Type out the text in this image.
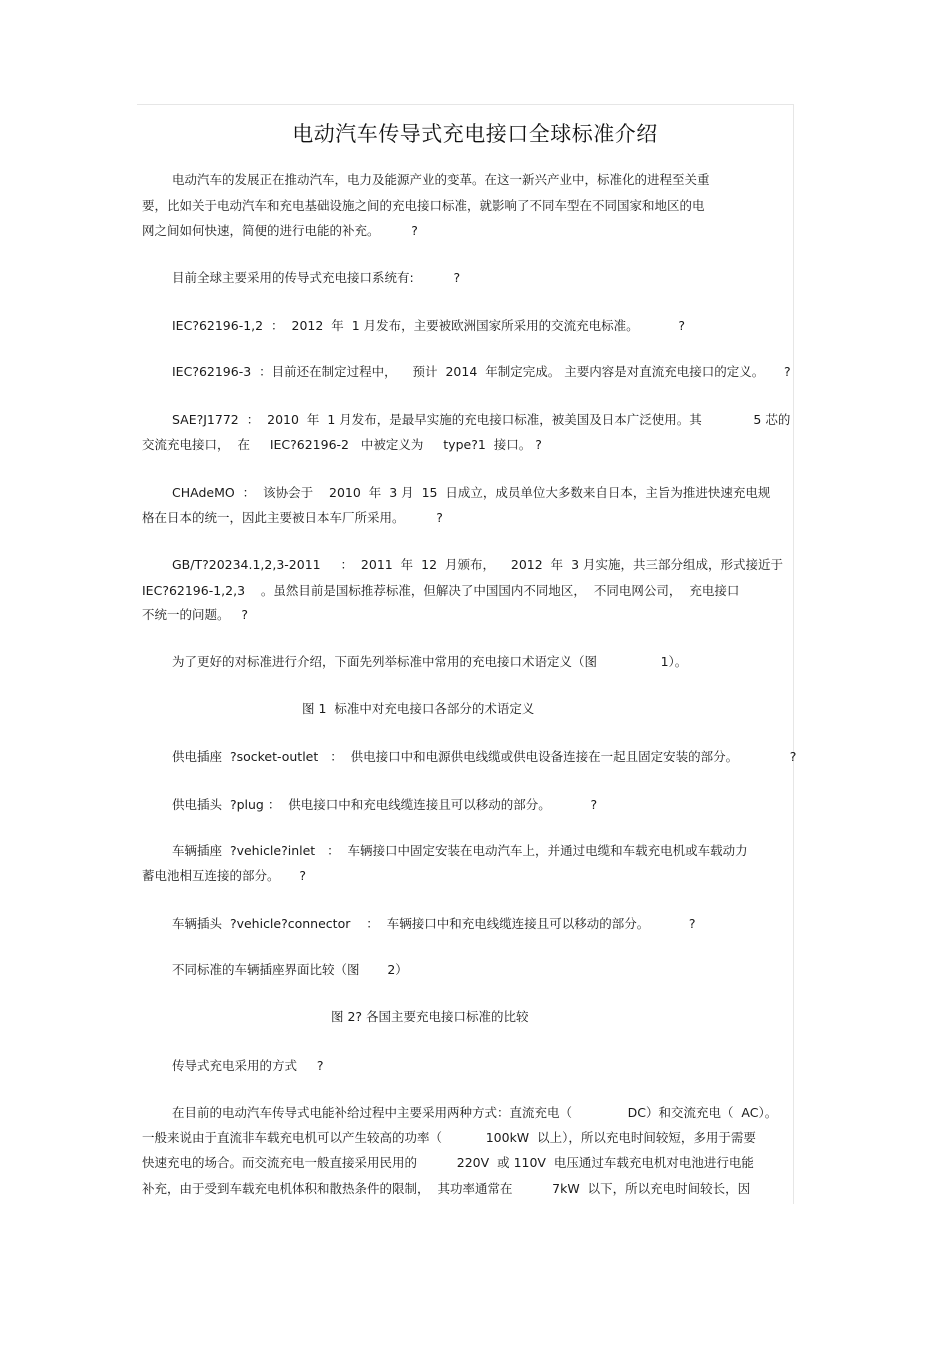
电动汽车传导式充电接口全球标准介绍
电动汽车的发展正在推动汽车，电力及能源产业的变革。在这一新兴产业中，标准化的进程至关重
要，比如关于电动汽车和充电基础设施之间的充电接口标准，就影响了不同车型在不同国家和地区的电
网之间如何快速，简便的进行电能的补充。        ?
目前全球主要采用的传导式充电接口系统有:          ?
IEC?62196-1,2  ：  2012  年  1 月发布，主要被欧洲国家所采用的交流充电标准。          ?
IEC?62196-3  ：目前还在制定过程中，    预计  2014  年制定完成。 主要内容是对直流充电接口的定义。     ?
SAE?J1772  ：  2010  年  1 月发布，是最早实施的充电接口标准，被美国及日本广泛使用。其             5 芯的
交流充电接口，  在     IEC?62196-2   中被定义为     type?1  接口。 ?
CHAdeMO  ：  该协会于    2010  年  3 月  15  日成立，成员单位大多数来自日本，主旨为推进快速充电规
格在日本的统一，因此主要被日本车厂所采用。        ?
GB/T?20234.1,2,3-2011     ：  2011  年  12  月颁布，    2012  年  3 月实施，共三部分组成，形式接近于
IEC?62196-1,2,3    。虽然目前是国标推荐标准，但解决了中国国内不同地区，  不同电网公司，  充电接口
不统一的问题。   ?
为了更好的对标准进行介绍，下面先列举标准中常用的充电接口术语定义（图                1）。
图 1  标准中对充电接口各部分的术语定义
供电插座  ?socket-outlet   ：  供电接口中和电源供电线缆或供电设备连接在一起且固定安装的部分。             ?
供电插头  ?plug ：  供电接口中和充电线缆连接且可以移动的部分。          ?
车辆插座  ?vehicle?inlet   ：  车辆接口中固定安装在电动汽车上，并通过电缆和车载充电机或车载动力
蓄电池相互连接的部分。     ?
车辆插头  ?vehicle?connector    ：  车辆接口中和充电线缆连接且可以移动的部分。          ?
不同标准的车辆插座界面比较（图       2）
图 2? 各国主要充电接口标准的比较
传导式充电采用的方式     ?
在目前的电动汽车传导式电能补给过程中主要采用两种方式：直流充电（              DC）和交流充电（  AC）。
一般来说由于直流非车载充电机可以产生较高的功率（           100kW  以上），所以充电时间较短，多用于需要
快速充电的场合。而交流充电一般直接采用民用的          220V  或 110V  电压通过车载充电机对电池进行电能
补充，由于受到车载充电机体积和散热条件的限制，  其功率通常在          7kW  以下，所以充电时间较长，因
